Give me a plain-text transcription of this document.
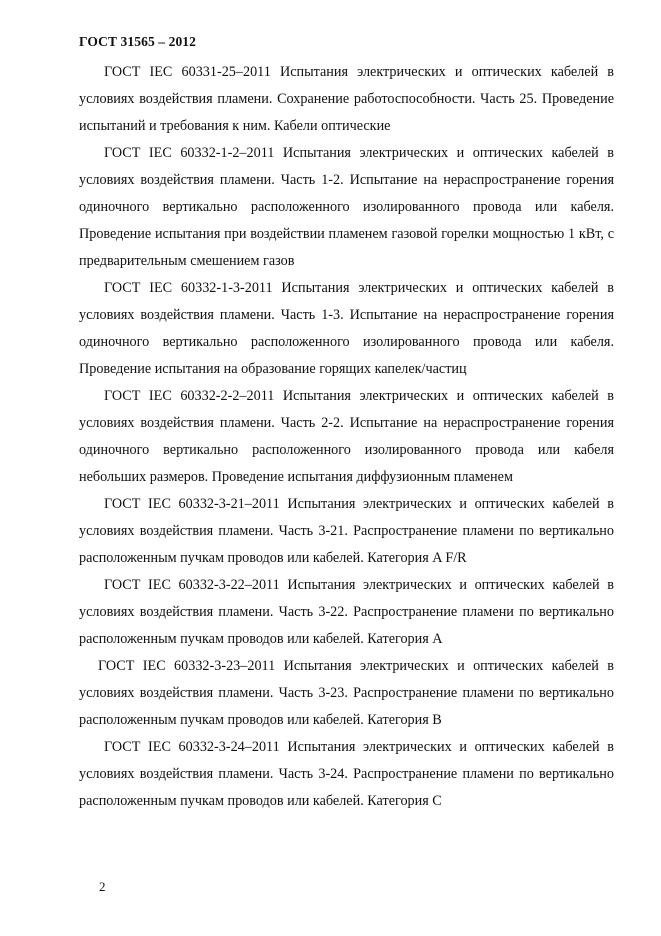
ГОСТ 31565 – 2012

ГОСТ IEC 60331-25–2011 Испытания электрических и оптических кабелей в условиях воздействия пламени. Сохранение работоспособности. Часть 25. Проведение испытаний и требования к ним. Кабели оптические

ГОСТ IEC 60332-1-2–2011 Испытания электрических и оптических кабелей в условиях воздействия пламени. Часть 1-2. Испытание на нераспространение горения одиночного вертикально расположенного изолированного провода или кабеля. Проведение испытания при воздействии пламенем газовой горелки мощностью 1 кВт, с предварительным смешением газов

ГОСТ IEC 60332-1-3-2011 Испытания электрических и оптических кабелей в условиях воздействия пламени. Часть 1-3. Испытание на нераспространение горения одиночного вертикально расположенного изолированного провода или кабеля. Проведение испытания на образование горящих капелек/частиц

ГОСТ IEC 60332-2-2–2011 Испытания электрических и оптических кабелей в условиях воздействия пламени. Часть 2-2. Испытание на нераспространение горения одиночного вертикально расположенного изолированного провода или кабеля небольших размеров. Проведение испытания диффузионным пламенем

ГОСТ IEC 60332-3-21–2011 Испытания электрических и оптических кабелей в условиях воздействия пламени. Часть 3-21. Распространение пламени по вертикально расположенным пучкам проводов или кабелей. Категория A F/R

ГОСТ IEC 60332-3-22–2011 Испытания электрических и оптических кабелей в условиях воздействия пламени. Часть 3-22. Распространение пламени по вертикально расположенным пучкам проводов или кабелей. Категория A

ГОСТ IEC 60332-3-23–2011 Испытания электрических и оптических кабелей в условиях воздействия пламени. Часть 3-23. Распространение пламени по вертикально расположенным пучкам проводов или кабелей. Категория B

ГОСТ IEC 60332-3-24–2011 Испытания электрических и оптических кабелей в условиях воздействия пламени. Часть 3-24. Распространение пламени по вертикально расположенным пучкам проводов или кабелей. Категория C

2
